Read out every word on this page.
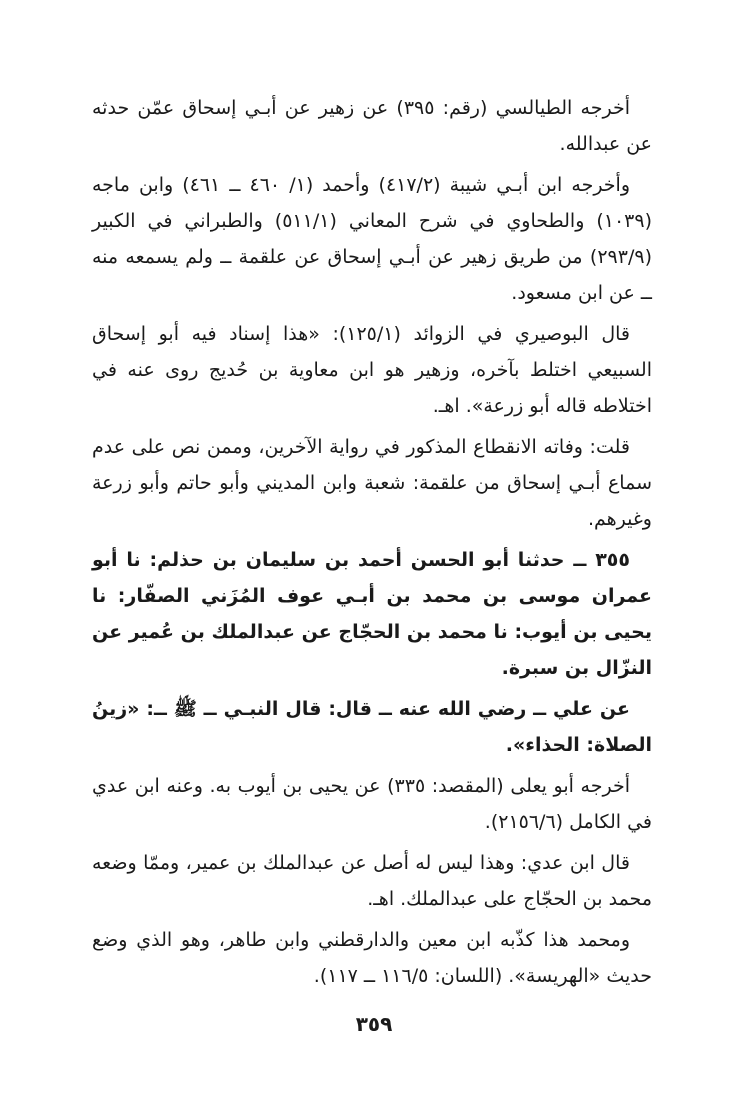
أخرجه الطيالسي (رقم: ٣٩٥) عن زهير عن أبـي إسحاق عمّن حدثه عن عبدالله.

وأخرجه ابن أبـي شيبة (٤١٧/٢) وأحمد (١/ ٤٦٠ ــ ٤٦١) وابن ماجه (١٠٣٩) والطحاوي في شرح المعاني (٥١١/١) والطبراني في الكبير (٢٩٣/٩) من طريق زهير عن أبـي إسحاق عن علقمة ــ ولم يسمعه منه ــ عن ابن مسعود.

قال البوصيري في الزوائد (١٢٥/١): «هذا إسناد فيه أبو إسحاق السبيعي اختلط بآخره، وزهير هو ابن معاوية بن حُديج روى عنه في اختلاطه قاله أبو زرعة». اهـ.

قلت: وفاته الانقطاع المذكور في رواية الآخرين، وممن نص على عدم سماع أبـي إسحاق من علقمة: شعبة وابن المديني وأبو حاتم وأبو زرعة وغيرهم.

٣٥٥ ــ حدثنا أبو الحسن أحمد بن سليمان بن حذلم: نا أبو عمران موسى بن محمد بن أبـي عوف المُزَني الصفّار: نا يحيى بن أيوب: نا محمد بن الحجّاج عن عبدالملك بن عُمير عن النزّال بن سبرة.

عن علي ــ رضي الله عنه ــ قال: قال النبـي ــ ﷺ ــ: «زينُ الصلاة: الحذاء».

أخرجه أبو يعلى (المقصد: ٣٣٥) عن يحيى بن أيوب به. وعنه ابن عدي في الكامل (٢١٥٦/٦).

قال ابن عدي: وهذا ليس له أصل عن عبدالملك بن عمير، وممّا وضعه محمد بن الحجّاج على عبدالملك. اهـ.

ومحمد هذا كذّبه ابن معين والدارقطني وابن طاهر، وهو الذي وضع حديث «الهريسة». (اللسان: ١١٦/٥ ــ ١١٧).

٣٥٩
